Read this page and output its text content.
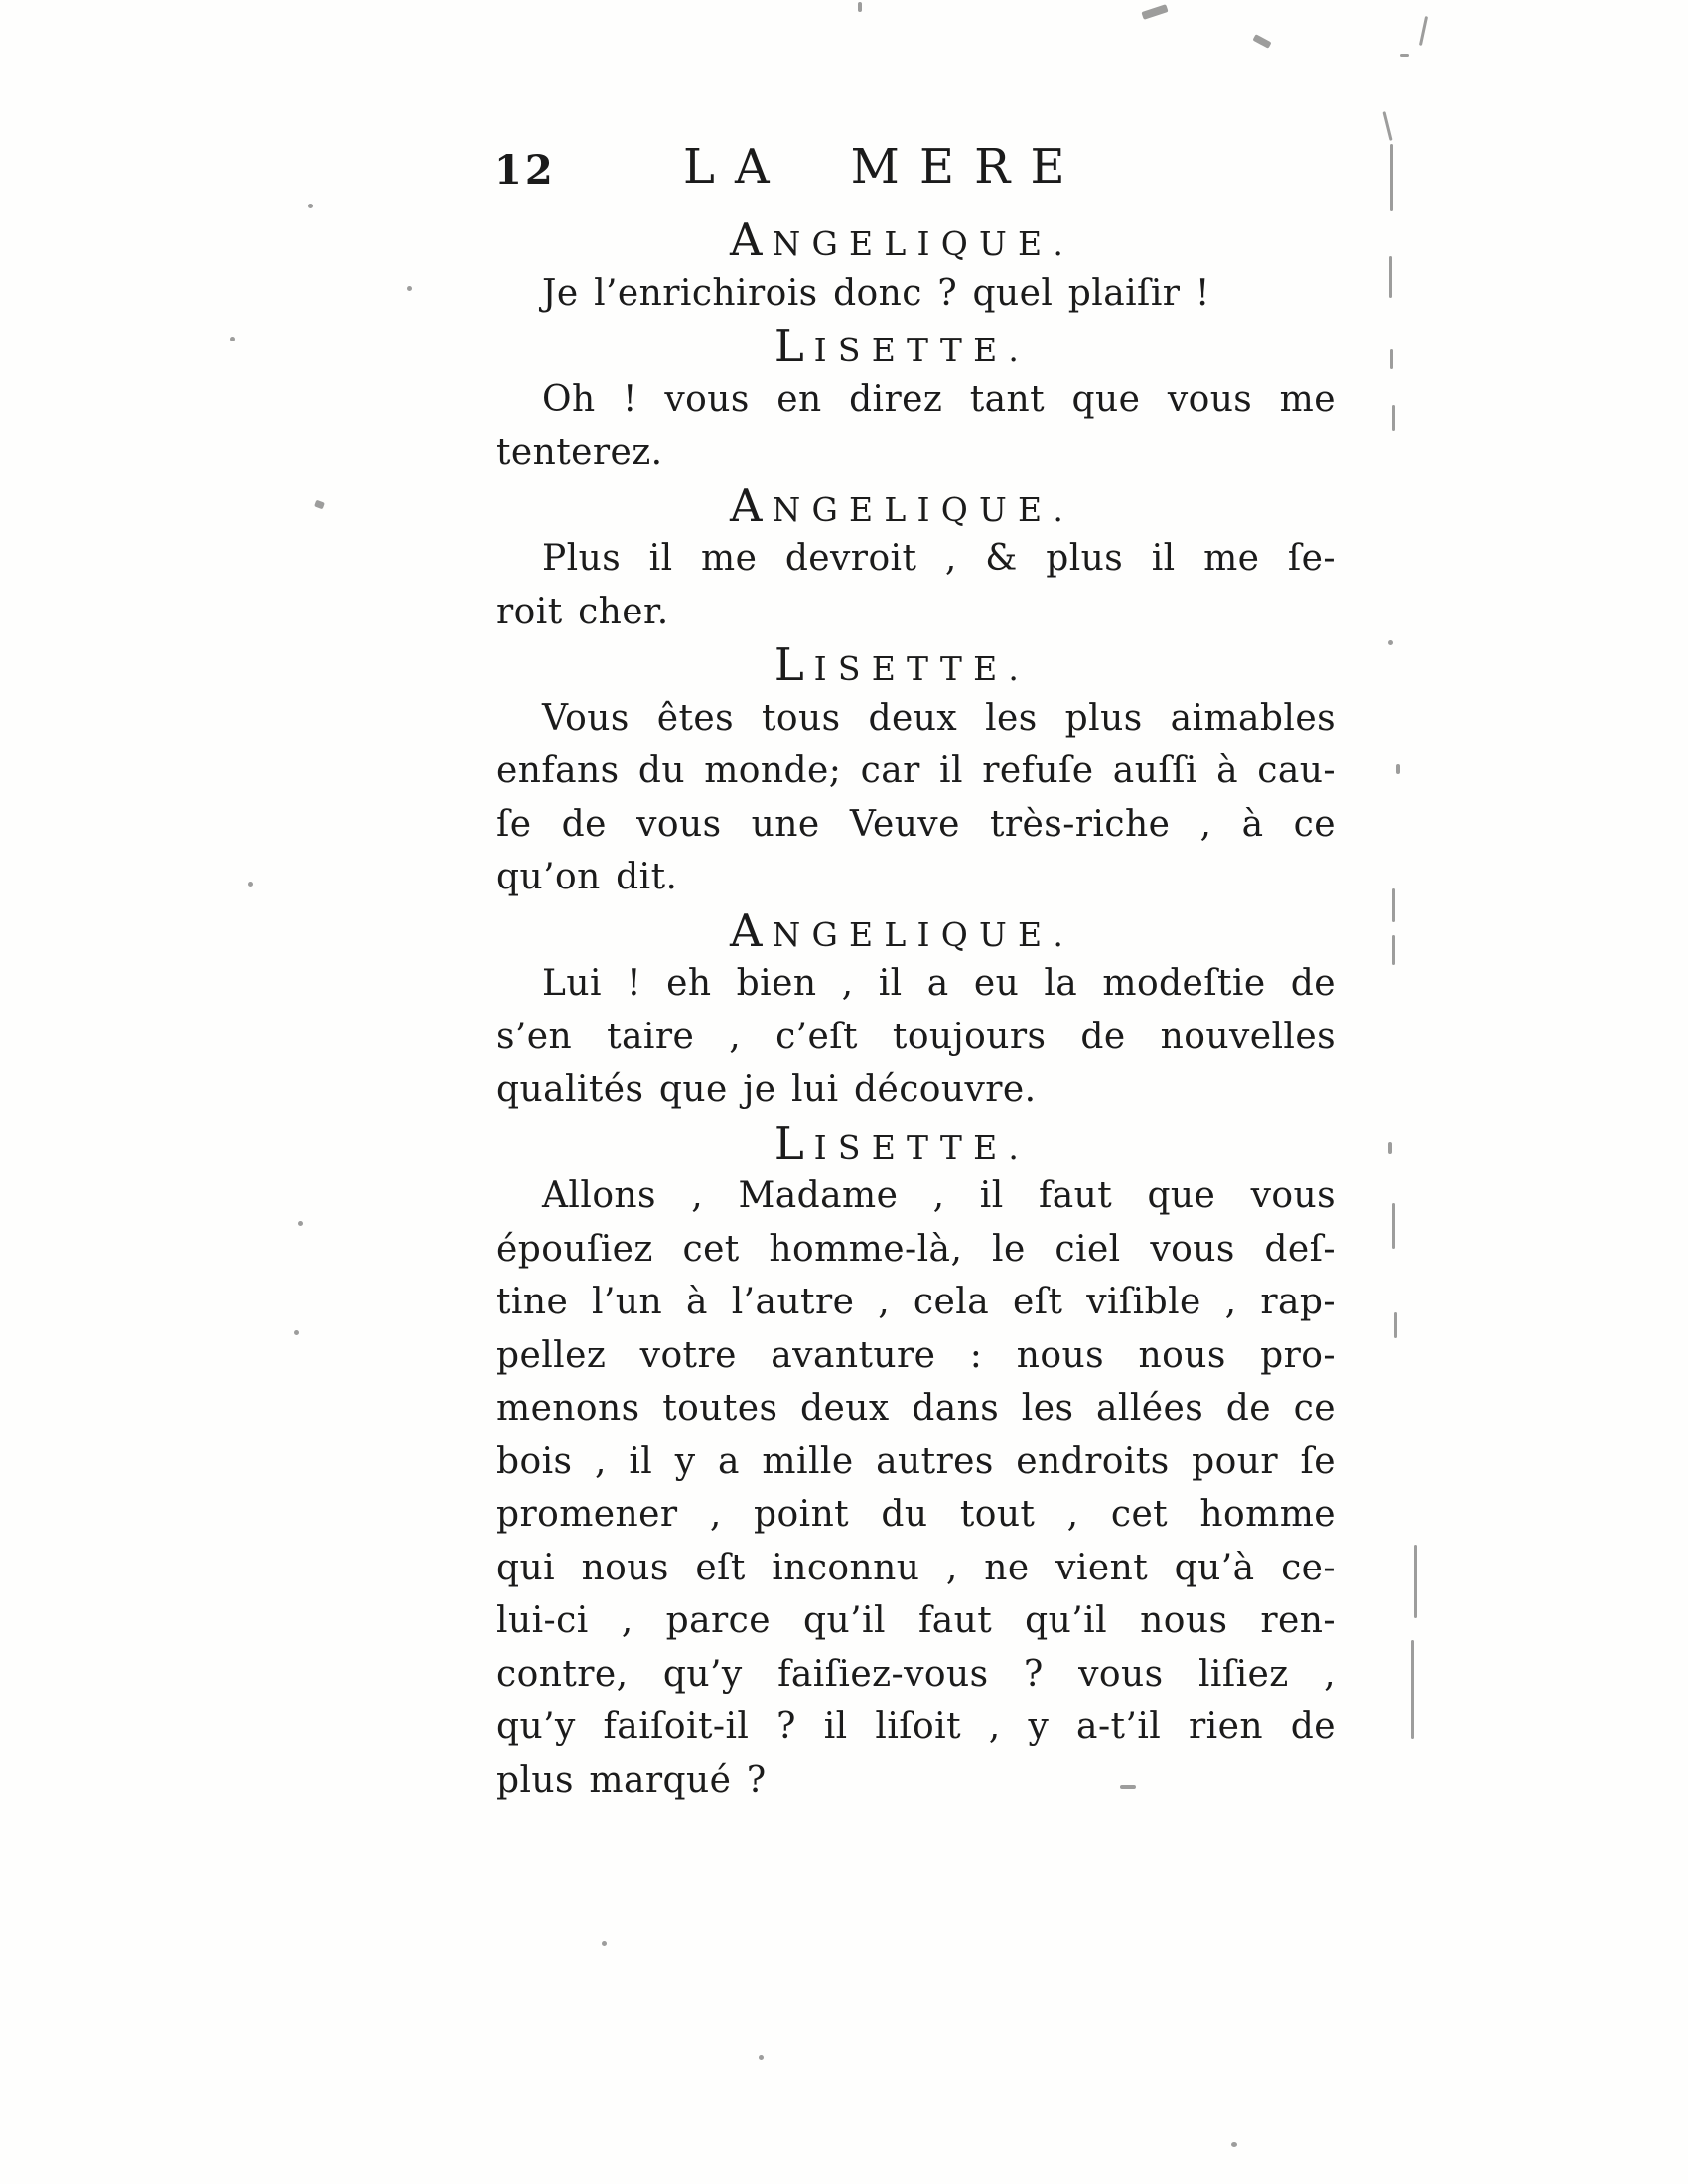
12	LA MERE
ANGELIQUE.
Je l’enrichirois donc ? quel plaiſir !
LISETTE.
Oh ! vous en direz tant que vous me
tenterez.
ANGELIQUE.
Plus il me devroit , & plus il me ſe-
roit cher.
LISETTE.
Vous êtes tous deux les plus aimables
enfans du monde; car il refuſe auſſi à cau-
ſe de vous une Veuve très-riche , à ce
qu’on dit.
ANGELIQUE.
Lui ! eh bien , il a eu la modeſtie de
s’en taire , c’eſt toujours de nouvelles
qualités que je lui découvre.
LISETTE.
Allons , Madame , il faut que vous
épouſiez cet homme-là, le ciel vous deſ-
tine l’un à l’autre , cela eſt viſible , rap-
pellez votre avanture : nous nous pro-
menons toutes deux dans les allées de ce
bois , il y a mille autres endroits pour ſe
promener , point du tout , cet homme
qui nous eſt inconnu , ne vient qu’à ce-
lui-ci , parce qu’il faut qu’il nous ren-
contre, qu’y faiſiez-vous ? vous liſiez ,
qu’y faiſoit-il ? il liſoit , y a-t’il rien de
plus marqué ?
